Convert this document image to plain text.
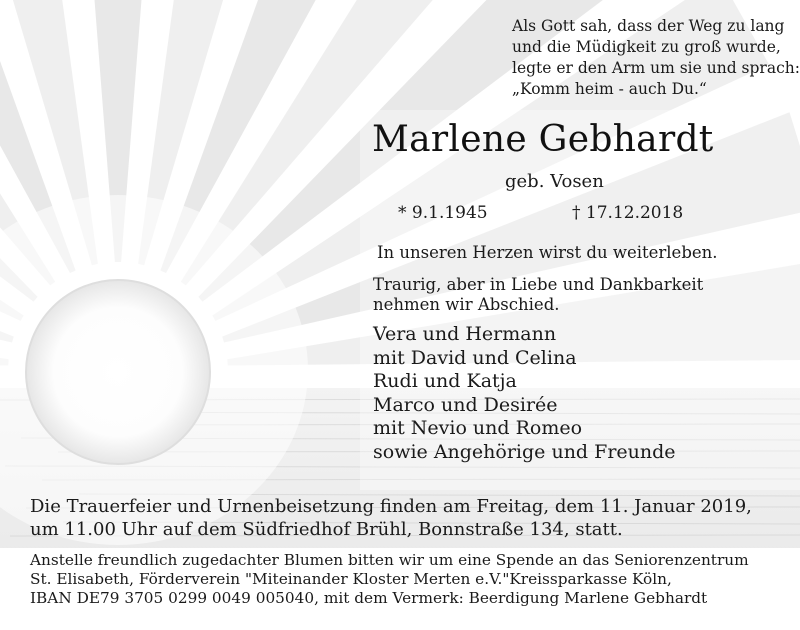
Als Gott sah, dass der Weg zu lang
und die Müdigkeit zu groß wurde,
legte er den Arm um sie und sprach:
„Komm heim - auch Du.“
Marlene Gebhardt
geb. Vosen
* 9.1.1945	† 17.12.2018
In unseren Herzen wirst du weiterleben.
Traurig, aber in Liebe und Dankbarkeit
nehmen wir Abschied.
Vera und Hermann
mit David und Celina
Rudi und Katja
Marco und Desirée
mit Nevio und Romeo
sowie Angehörige und Freunde
Die Trauerfeier und Urnenbeisetzung finden am Freitag, dem 11. Januar 2019,
um 11.00 Uhr auf dem Südfriedhof Brühl, Bonnstraße 134, statt.
Anstelle freundlich zugedachter Blumen bitten wir um eine Spende an das Seniorenzentrum
St. Elisabeth, Förderverein "Miteinander Kloster Merten e.V."Kreissparkasse Köln,
IBAN DE79 3705 0299 0049 005040, mit dem Vermerk: Beerdigung Marlene Gebhardt
